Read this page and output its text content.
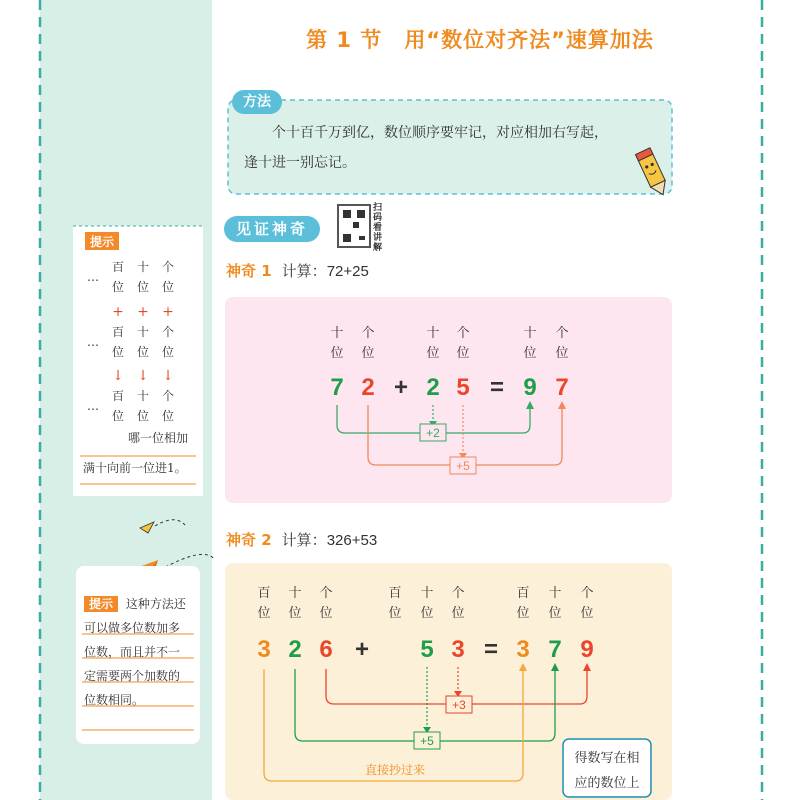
第 1 节 用“数位对齐法”速算加法
方法

个十百千万到亿，数位顺序要牢记，对应相加右写起，

逢十进一别忘记。

见证神奇
扫码看讲解
神奇 1 计算：72+25
十
位
个
位
十
位
个
位
十
位
个
位
7 2 + 2 5 = 9 7
+2
+5
神奇 2 计算：326+53
百
位
十
位
个
位
百
位
十
位
个
位
百
位
十
位
个
位
3 2 6 + 5 3 = 3 7 9
+3
+5
直接抄过来
得数写在相
应的数位上
提示
…
百
位
十
位
个
位
+ + +
…
百
位
十
位
个
位
↓ ↓ ↓
…
百
位
十
位
个
位
哪一位相加
满十向前一位进1。
提示 这种方法还
可以做多位数加多
位数，而且并不一
定需要两个加数的
位数相同。
